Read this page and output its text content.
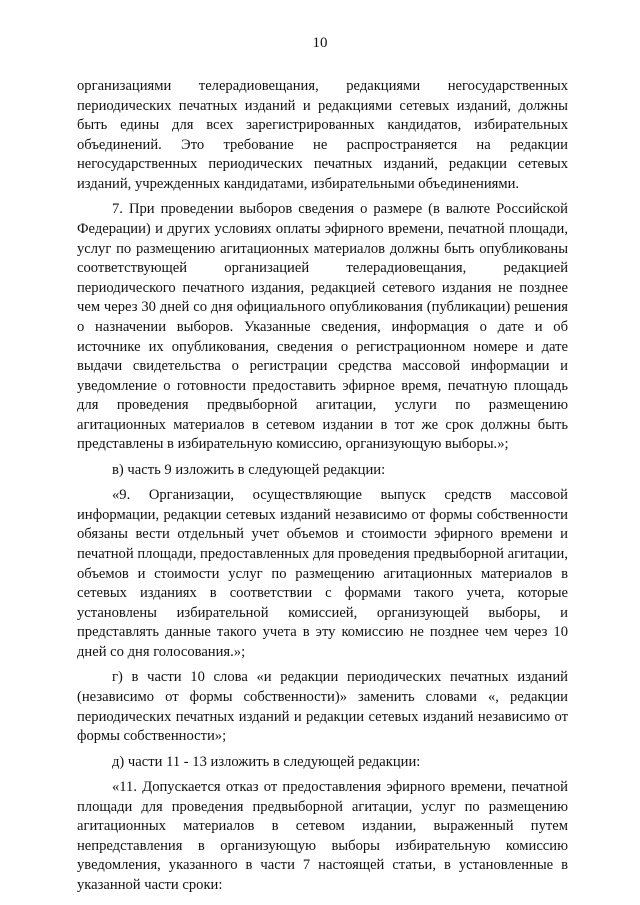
10

организациями телерадиовещания, редакциями негосударственных периодических печатных изданий и редакциями сетевых изданий, должны быть едины для всех зарегистрированных кандидатов, избирательных объединений. Это требование не распространяется на редакции негосударственных периодических печатных изданий, редакции сетевых изданий, учрежденных кандидатами, избирательными объединениями.

7. При проведении выборов сведения о размере (в валюте Российской Федерации) и других условиях оплаты эфирного времени, печатной площади, услуг по размещению агитационных материалов должны быть опубликованы соответствующей организацией телерадиовещания, редакцией периодического печатного издания, редакцией сетевого издания не позднее чем через 30 дней со дня официального опубликования (публикации) решения о назначении выборов. Указанные сведения, информация о дате и об источнике их опубликования, сведения о регистрационном номере и дате выдачи свидетельства о регистрации средства массовой информации и уведомление о готовности предоставить эфирное время, печатную площадь для проведения предвыборной агитации, услуги по размещению агитационных материалов в сетевом издании в тот же срок должны быть представлены в избирательную комиссию, организующую выборы.»;

в) часть 9 изложить в следующей редакции:

«9. Организации, осуществляющие выпуск средств массовой информации, редакции сетевых изданий независимо от формы собственности обязаны вести отдельный учет объемов и стоимости эфирного времени и печатной площади, предоставленных для проведения предвыборной агитации, объемов и стоимости услуг по размещению агитационных материалов в сетевых изданиях в соответствии с формами такого учета, которые установлены избирательной комиссией, организующей выборы, и представлять данные такого учета в эту комиссию не позднее чем через 10 дней со дня голосования.»;

г) в части 10 слова «и редакции периодических печатных изданий (независимо от формы собственности)» заменить словами «, редакции периодических печатных изданий и редакции сетевых изданий независимо от формы собственности»;

д) части 11 - 13 изложить в следующей редакции:

«11. Допускается отказ от предоставления эфирного времени, печатной площади для проведения предвыборной агитации, услуг по размещению агитационных материалов в сетевом издании, выраженный путем непредставления в организующую выборы избирательную комиссию уведомления, указанного в части 7 настоящей статьи, в установленные в указанной части сроки:
